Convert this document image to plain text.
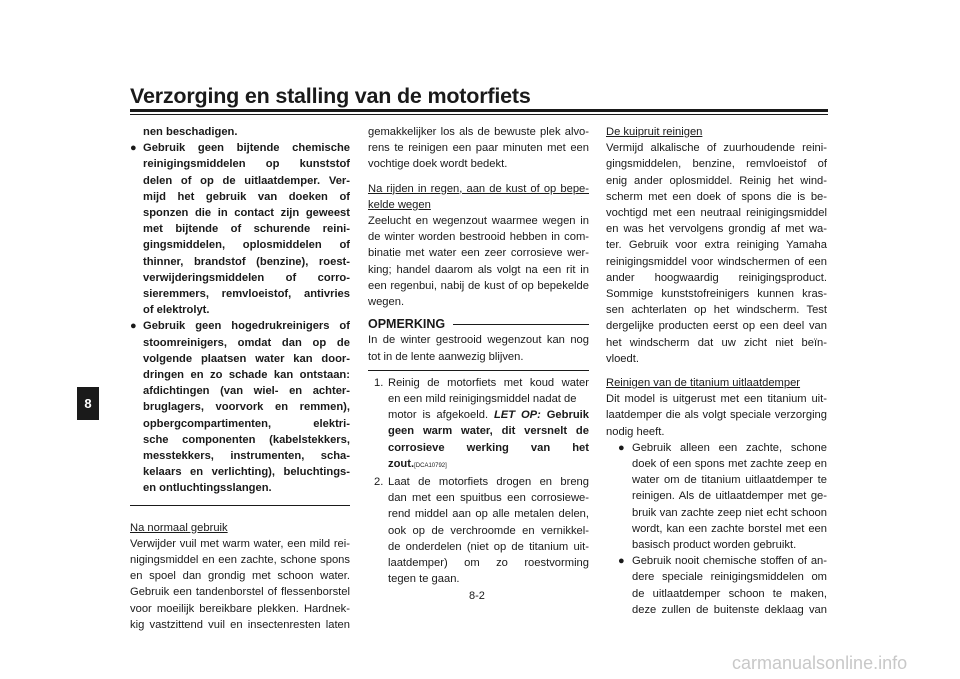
Verzorging en stalling van de motorfiets
8
nen beschadigen.
● Gebruik geen bijtende chemische
reinigingsmiddelen op kunststof
delen of op de uitlaatdemper. Ver-
mijd het gebruik van doeken of
sponzen die in contact zijn geweest
met bijtende of schurende reini-
gingsmiddelen, oplosmiddelen of
thinner, brandstof (benzine), roest-
verwijderingsmiddelen of corro-
sieremmers, remvloeistof, antivries
of elektrolyt.
● Gebruik geen hogedrukreinigers of
stoomreinigers, omdat dan op de
volgende plaatsen water kan door-
dringen en zo schade kan ontstaan:
afdichtingen (van wiel- en achter-
bruglagers, voorvork en remmen),
opbergcompartimenten, elektri-
sche componenten (kabelstekkers,
messtekkers, instrumenten, scha-
kelaars en verlichting), beluchtings-
en ontluchtingsslangen.
Na normaal gebruik
Verwijder vuil met warm water, een mild rei-
nigingsmiddel en een zachte, schone spons
en spoel dan grondig met schoon water.
Gebruik een tandenborstel of flessenborstel
voor moeilijk bereikbare plekken. Hardnek-
kig vastzittend vuil en insectenresten laten
gemakkelijker los als de bewuste plek alvo-
rens te reinigen een paar minuten met een
vochtige doek wordt bedekt.
Na rijden in regen, aan de kust of op bepe-
kelde wegen
Zeelucht en wegenzout waarmee wegen in
de winter worden bestrooid hebben in com-
binatie met water een zeer corrosieve wer-
king; handel daarom als volgt na een rit in
een regenbui, nabij de kust of op bepekelde
wegen.
OPMERKING
In de winter gestrooid wegenzout kan nog
tot in de lente aanwezig blijven.
1. Reinig de motorfiets met koud water
en een mild reinigingsmiddel nadat de
motor is afgekoeld. LET OP: Gebruik
geen warm water, dit versnelt de
corrosieve werking van het
zout.[DCA10792]
2. Laat de motorfiets drogen en breng
dan met een spuitbus een corrosiewe-
rend middel aan op alle metalen delen,
ook op de verchroomde en vernikkel-
de onderdelen (niet op de titanium uit-
laatdemper) om zo roestvorming
tegen te gaan.
De kuipruit reinigen
Vermijd alkalische of zuurhoudende reini-
gingsmiddelen, benzine, remvloeistof of
enig ander oplosmiddel. Reinig het wind-
scherm met een doek of spons die is be-
vochtigd met een neutraal reinigingsmiddel
en was het vervolgens grondig af met wa-
ter. Gebruik voor extra reiniging Yamaha
reinigingsmiddel voor windschermen of een
ander hoogwaardig reinigingsproduct.
Sommige kunststofreinigers kunnen kras-
sen achterlaten op het windscherm. Test
dergelijke producten eerst op een deel van
het windscherm dat uw zicht niet beïn-
vloedt.
Reinigen van de titanium uitlaatdemper
Dit model is uitgerust met een titanium uit-
laatdemper die als volgt speciale verzorging
nodig heeft.
● Gebruik alleen een zachte, schone
doek of een spons met zachte zeep en
water om de titanium uitlaatdemper te
reinigen. Als de uitlaatdemper met ge-
bruik van zachte zeep niet echt schoon
wordt, kan een zachte borstel met een
basisch product worden gebruikt.
● Gebruik nooit chemische stoffen of an-
dere speciale reinigingsmiddelen om
de uitlaatdemper schoon te maken,
deze zullen de buitenste deklaag van
8-2
carmanualsonline.info
